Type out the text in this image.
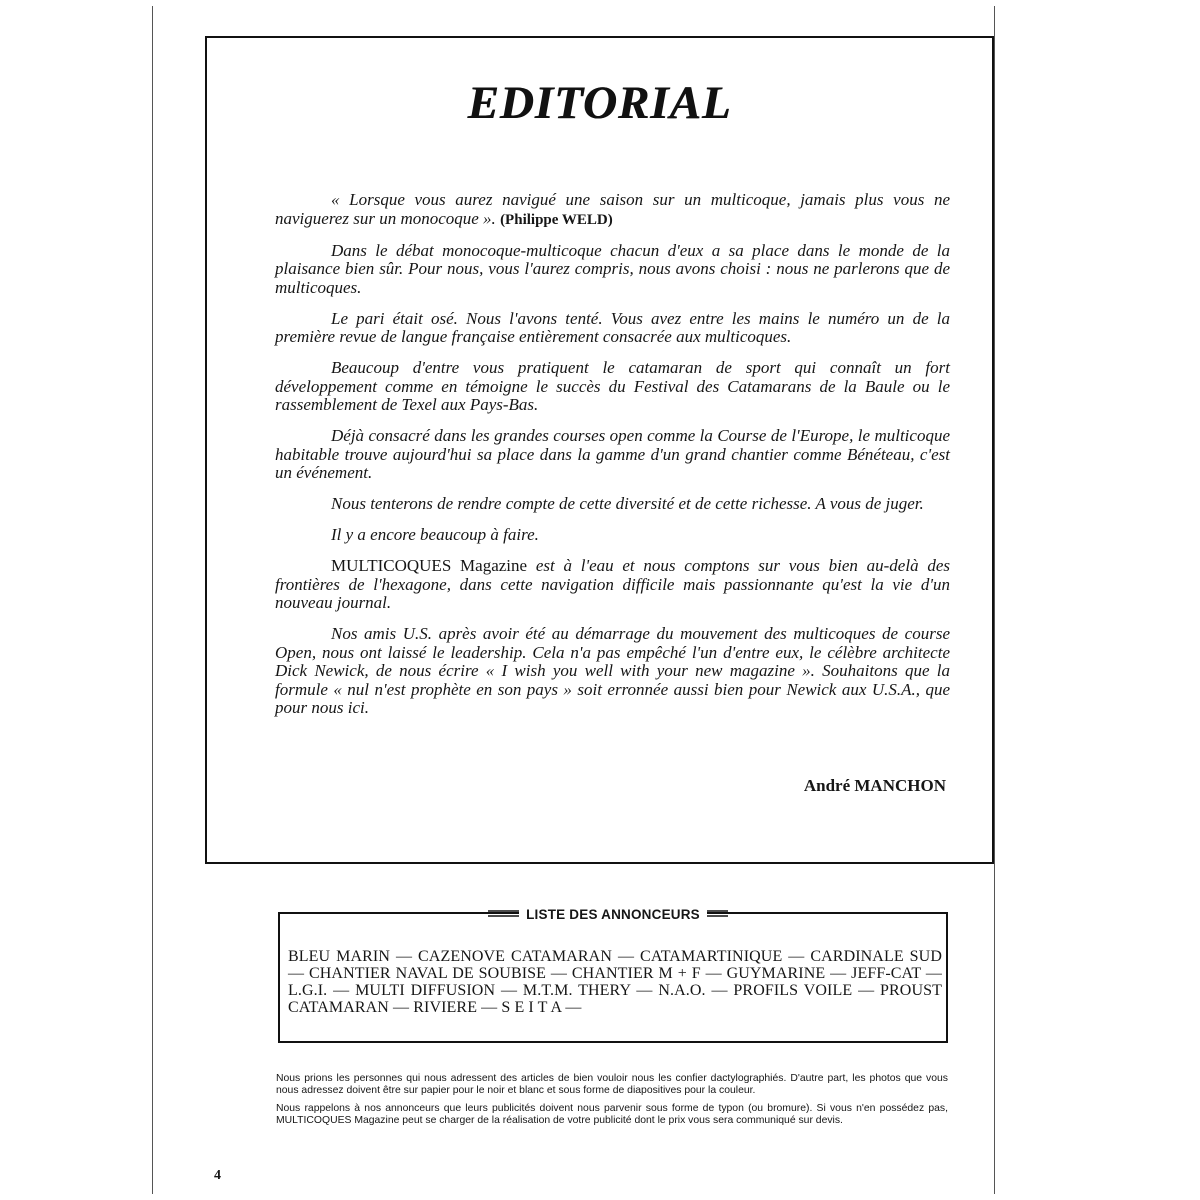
EDITORIAL

« Lorsque vous aurez navigué une saison sur un multicoque, jamais plus vous ne naviguerez sur un monocoque ». (Philippe WELD)

Dans le débat monocoque-multicoque chacun d'eux a sa place dans le monde de la plaisance bien sûr. Pour nous, vous l'aurez compris, nous avons choisi : nous ne parlerons que de multicoques.

Le pari était osé. Nous l'avons tenté. Vous avez entre les mains le numéro un de la première revue de langue française entièrement consacrée aux multicoques.

Beaucoup d'entre vous pratiquent le catamaran de sport qui connaît un fort développement comme en témoigne le succès du Festival des Catamarans de la Baule ou le rassemblement de Texel aux Pays-Bas.

Déjà consacré dans les grandes courses open comme la Course de l'Europe, le multicoque habitable trouve aujourd'hui sa place dans la gamme d'un grand chantier comme Bénéteau, c'est un événement.

Nous tenterons de rendre compte de cette diversité et de cette richesse. A vous de juger.

Il y a encore beaucoup à faire.

MULTICOQUES Magazine est à l'eau et nous comptons sur vous bien au-delà des frontières de l'hexagone, dans cette navigation difficile mais passionnante qu'est la vie d'un nouveau journal.

Nos amis U.S. après avoir été au démarrage du mouvement des multicoques de course Open, nous ont laissé le leadership. Cela n'a pas empêché l'un d'entre eux, le célèbre architecte Dick Newick, de nous écrire « I wish you well with your new magazine ». Souhaitons que la formule « nul n'est prophète en son pays » soit erronnée aussi bien pour Newick aux U.S.A., que pour nous ici.

André MANCHON
LISTE DES ANNONCEURS
BLEU MARIN — CAZENOVE CATAMARAN — CATAMARTINIQUE — CARDINALE SUD — CHANTIER NAVAL DE SOUBISE — CHANTIER M + F — GUYMARINE — JEFF-CAT — L.G.I. — MULTI DIFFUSION — M.T.M. THERY — N.A.O. — PROFILS VOILE — PROUST CATAMARAN — RIVIERE — S E I T A —

Nous prions les personnes qui nous adressent des articles de bien vouloir nous les confier dactylographiés. D'autre part, les photos que vous nous adressez doivent être sur papier pour le noir et blanc et sous forme de diapositives pour la couleur.

Nous rappelons à nos annonceurs que leurs publicités doivent nous parvenir sous forme de typon (ou bromure). Si vous n'en possédez pas, MULTICOQUES Magazine peut se charger de la réalisation de votre publicité dont le prix vous sera communiqué sur devis.

4
